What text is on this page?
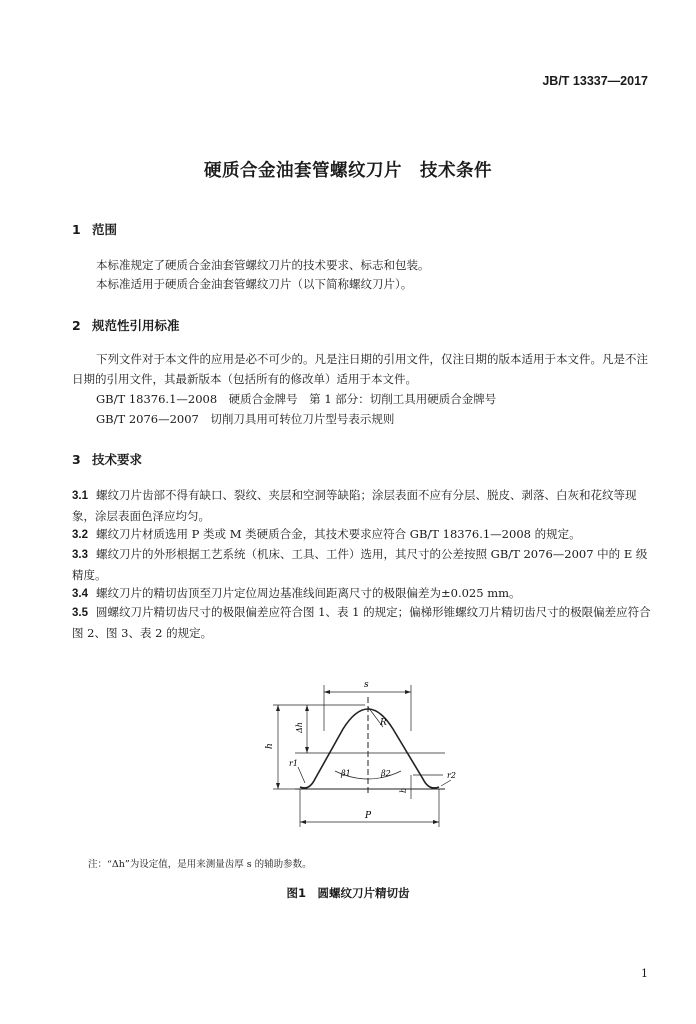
JB/T 13337—2017
硬质合金油套管螺纹刀片　技术条件
1 范围
本标准规定了硬质合金油套管螺纹刀片的技术要求、标志和包装。
本标准适用于硬质合金油套管螺纹刀片（以下简称螺纹刀片）。
2 规范性引用标准
下列文件对于本文件的应用是必不可少的。凡是注日期的引用文件，仅注日期的版本适用于本文件。凡是不注日期的引用文件，其最新版本（包括所有的修改单）适用于本文件。
GB/T 18376.1—2008　硬质合金牌号　第 1 部分：切削工具用硬质合金牌号
GB/T 2076—2007　切削刀具用可转位刀片型号表示规则
3 技术要求
3.1 螺纹刀片齿部不得有缺口、裂纹、夹层和空洞等缺陷；涂层表面不应有分层、脱皮、剥落、白灰和花纹等现象，涂层表面色泽应均匀。
3.2 螺纹刀片材质选用 P 类或 M 类硬质合金，其技术要求应符合 GB/T 18376.1—2008 的规定。
3.3 螺纹刀片的外形根据工艺系统（机床、工具、工件）选用，其尺寸的公差按照 GB/T 2076—2007 中的 E 级精度。
3.4 螺纹刀片的精切齿顶至刀片定位周边基准线间距离尺寸的极限偏差为±0.025 mm。
3.5 圆螺纹刀片精切齿尺寸的极限偏差应符合图 1、表 1 的规定；偏梯形锥螺纹刀片精切齿尺寸的极限偏差应符合图 2、图 3、表 2 的规定。
s
R
Δh
h
r1
β1	β2	r2
b
P
注：“Δh”为设定值，是用来测量齿厚 s 的辅助参数。
图1　圆螺纹刀片精切齿
1
